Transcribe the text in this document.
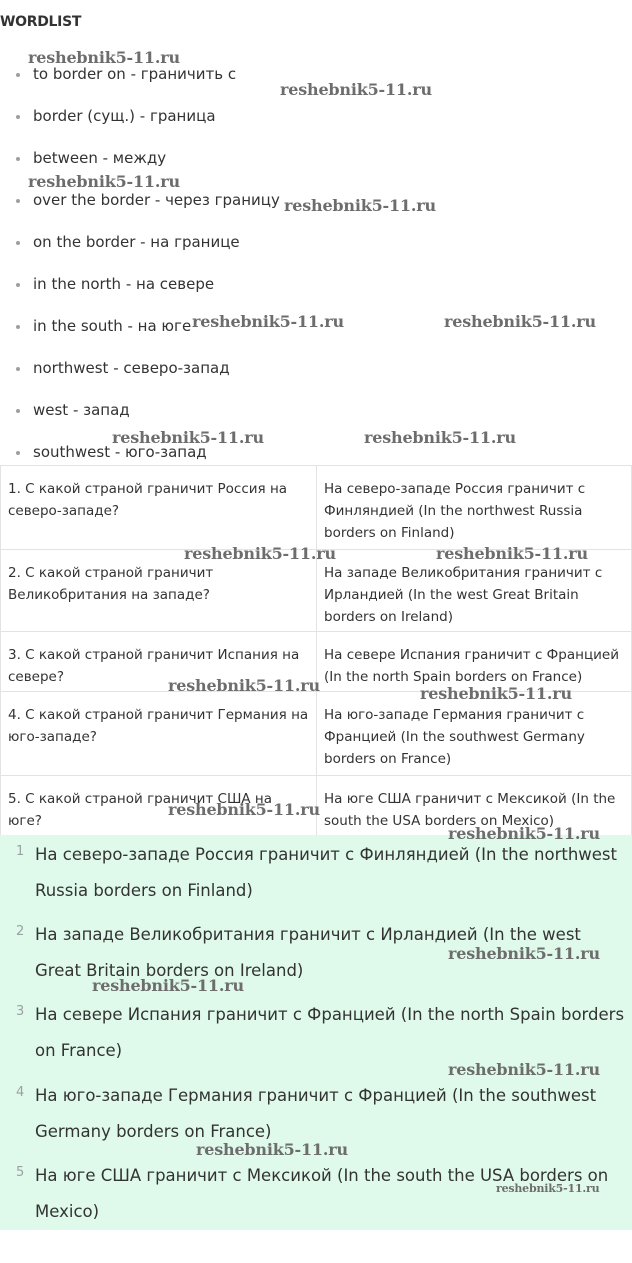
WORDLIST
to border on - граничить с
border (сущ.) - граница
between - между
over the border - через границу
on the border - на границе
in the north - на севере
in the south - на юге
northwest - северо-запад
west - запад
southwest - юго-запад
1. С какой страной граничит Россия на северо-западе?	На северо-западе Россия граничит с Финляндией (In the northwest Russia borders on Finland)
2. С какой страной граничит Великобритания на западе?	На западе Великобритания граничит с Ирландией (In the west Great Britain borders on Ireland)
3. С какой страной граничит Испания на севере?	На севере Испания граничит с Францией (In the north Spain borders on France)
4. С какой страной граничит Германия на юго-западе?	На юго-западе Германия граничит с Францией (In the southwest Germany borders on France)
5. С какой страной граничит США на юге?	На юге США граничит с Мексикой (In the south the USA borders on Mexico)
1 На северо-западе Россия граничит с Финляндией (In the northwest Russia borders on Finland)
2 На западе Великобритания граничит с Ирландией (In the west Great Britain borders on Ireland)
3 На севере Испания граничит с Францией (In the north Spain borders on France)
4 На юго-западе Германия граничит с Францией (In the southwest Germany borders on France)
5 На юге США граничит с Мексикой (In the south the USA borders on Mexico)
reshebnik5-11.ru
reshebnik5-11.ru
reshebnik5-11.ru
reshebnik5-11.ru
reshebnik5-11.ru	reshebnik5-11.ru
reshebnik5-11.ru	reshebnik5-11.ru
reshebnik5-11.ru	reshebnik5-11.ru
reshebnik5-11.ru	reshebnik5-11.ru
reshebnik5-11.ru
reshebnik5-11.ru
reshebnik5-11.ru
reshebnik5-11.ru
reshebnik5-11.ru
reshebnik5-11.ru
reshebnik5-11.ru
